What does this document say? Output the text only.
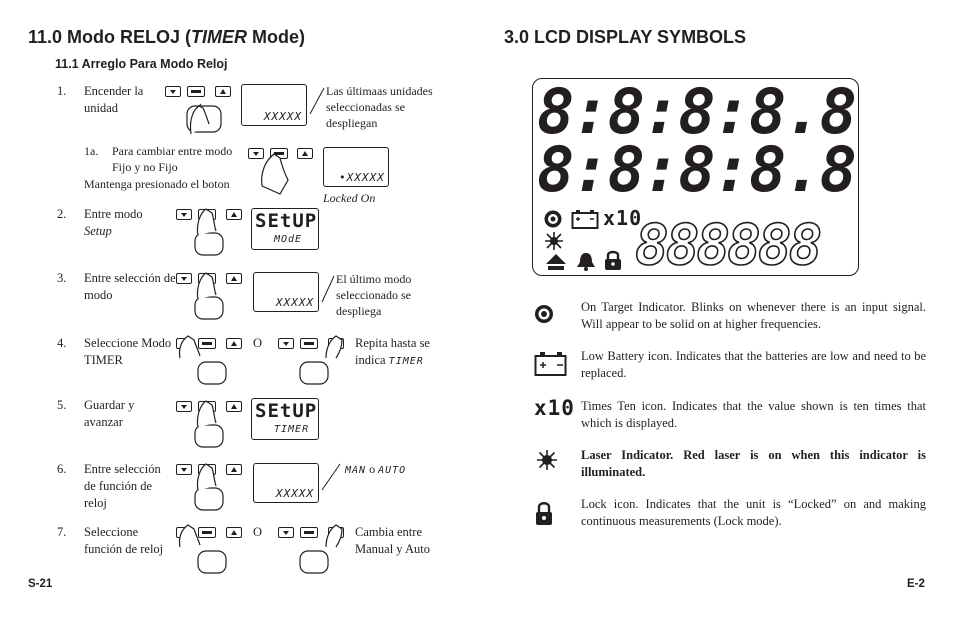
11.0 Modo RELOJ (TIMER Mode)
11.1 Arreglo Para Modo Reloj
1. Encender la unidad
XXXXX
Las últimaas unidades seleccionadas se despliegan
1a. Para cambiar entre modo Fijo y no Fijo
Mantenga presionado el boton	•XXXXX
Locked On
2. Entre modo
Setup	SEtUP
MOdE
3. Entre selección de modo
XXXXX
El último modo seleccionado se despliega
4. Seleccione Modo TIMER
O	Repita hasta se indica TIMER
5. Guardar y avanzar	SEtUP
TIMER
6. Entre selección de función de reloj
XXXXX
MAN o AUTO
7. Seleccione función de reloj
O	Cambia entre Manual y Auto
S-21
3.0 LCD DISPLAY SYMBOLS
8:8:8:8.8
8:8:8:8.8
x10
888888
On Target Indicator. Blinks on whenever there is an input signal. Will appear to be solid on at higher frequencies.
Low Battery icon. Indicates that the batteries are low and need to be replaced.
x10 Times Ten icon. Indicates that the value shown is ten times that which is displayed.
Laser Indicator. Red laser is on when this indicator is illuminated.
Lock icon. Indicates that the unit is “Locked” on and making continuous measurements (Lock mode).
E-2
